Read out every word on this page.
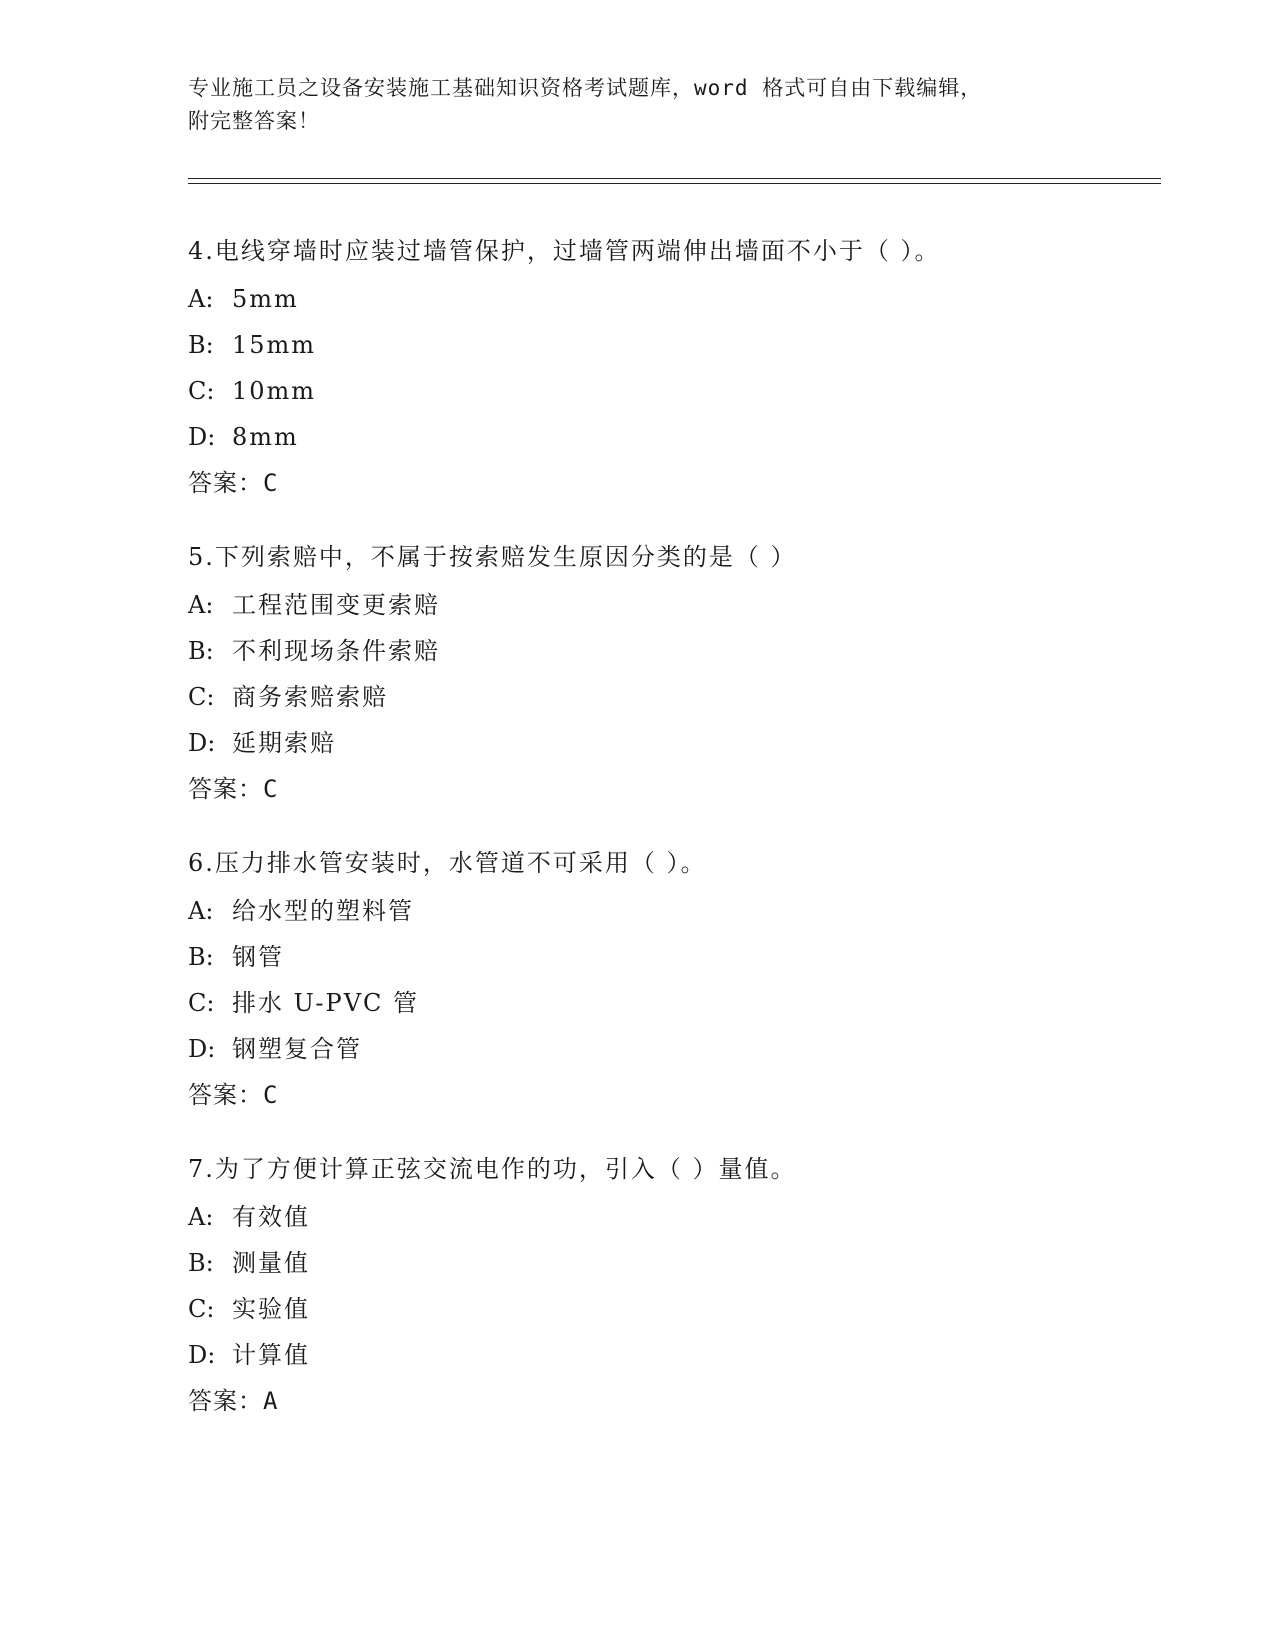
专业施工员之设备安装施工基础知识资格考试题库，word 格式可自由下载编辑，
附完整答案！
4.电线穿墙时应装过墙管保护，过墙管两端伸出墙面不小于（ ）。
A: 5mm
B: 15mm
C: 10mm
D: 8mm
答案：C
5.下列索赔中，不属于按索赔发生原因分类的是（ ）
A: 工程范围变更索赔
B: 不利现场条件索赔
C: 商务索赔索赔
D: 延期索赔
答案：C
6.压力排水管安装时，水管道不可采用（ ）。
A: 给水型的塑料管
B: 钢管
C: 排水 U-PVC 管
D: 钢塑复合管
答案：C
7.为了方便计算正弦交流电作的功，引入（ ）量值。
A: 有效值
B: 测量值
C: 实验值
D: 计算值
答案：A
